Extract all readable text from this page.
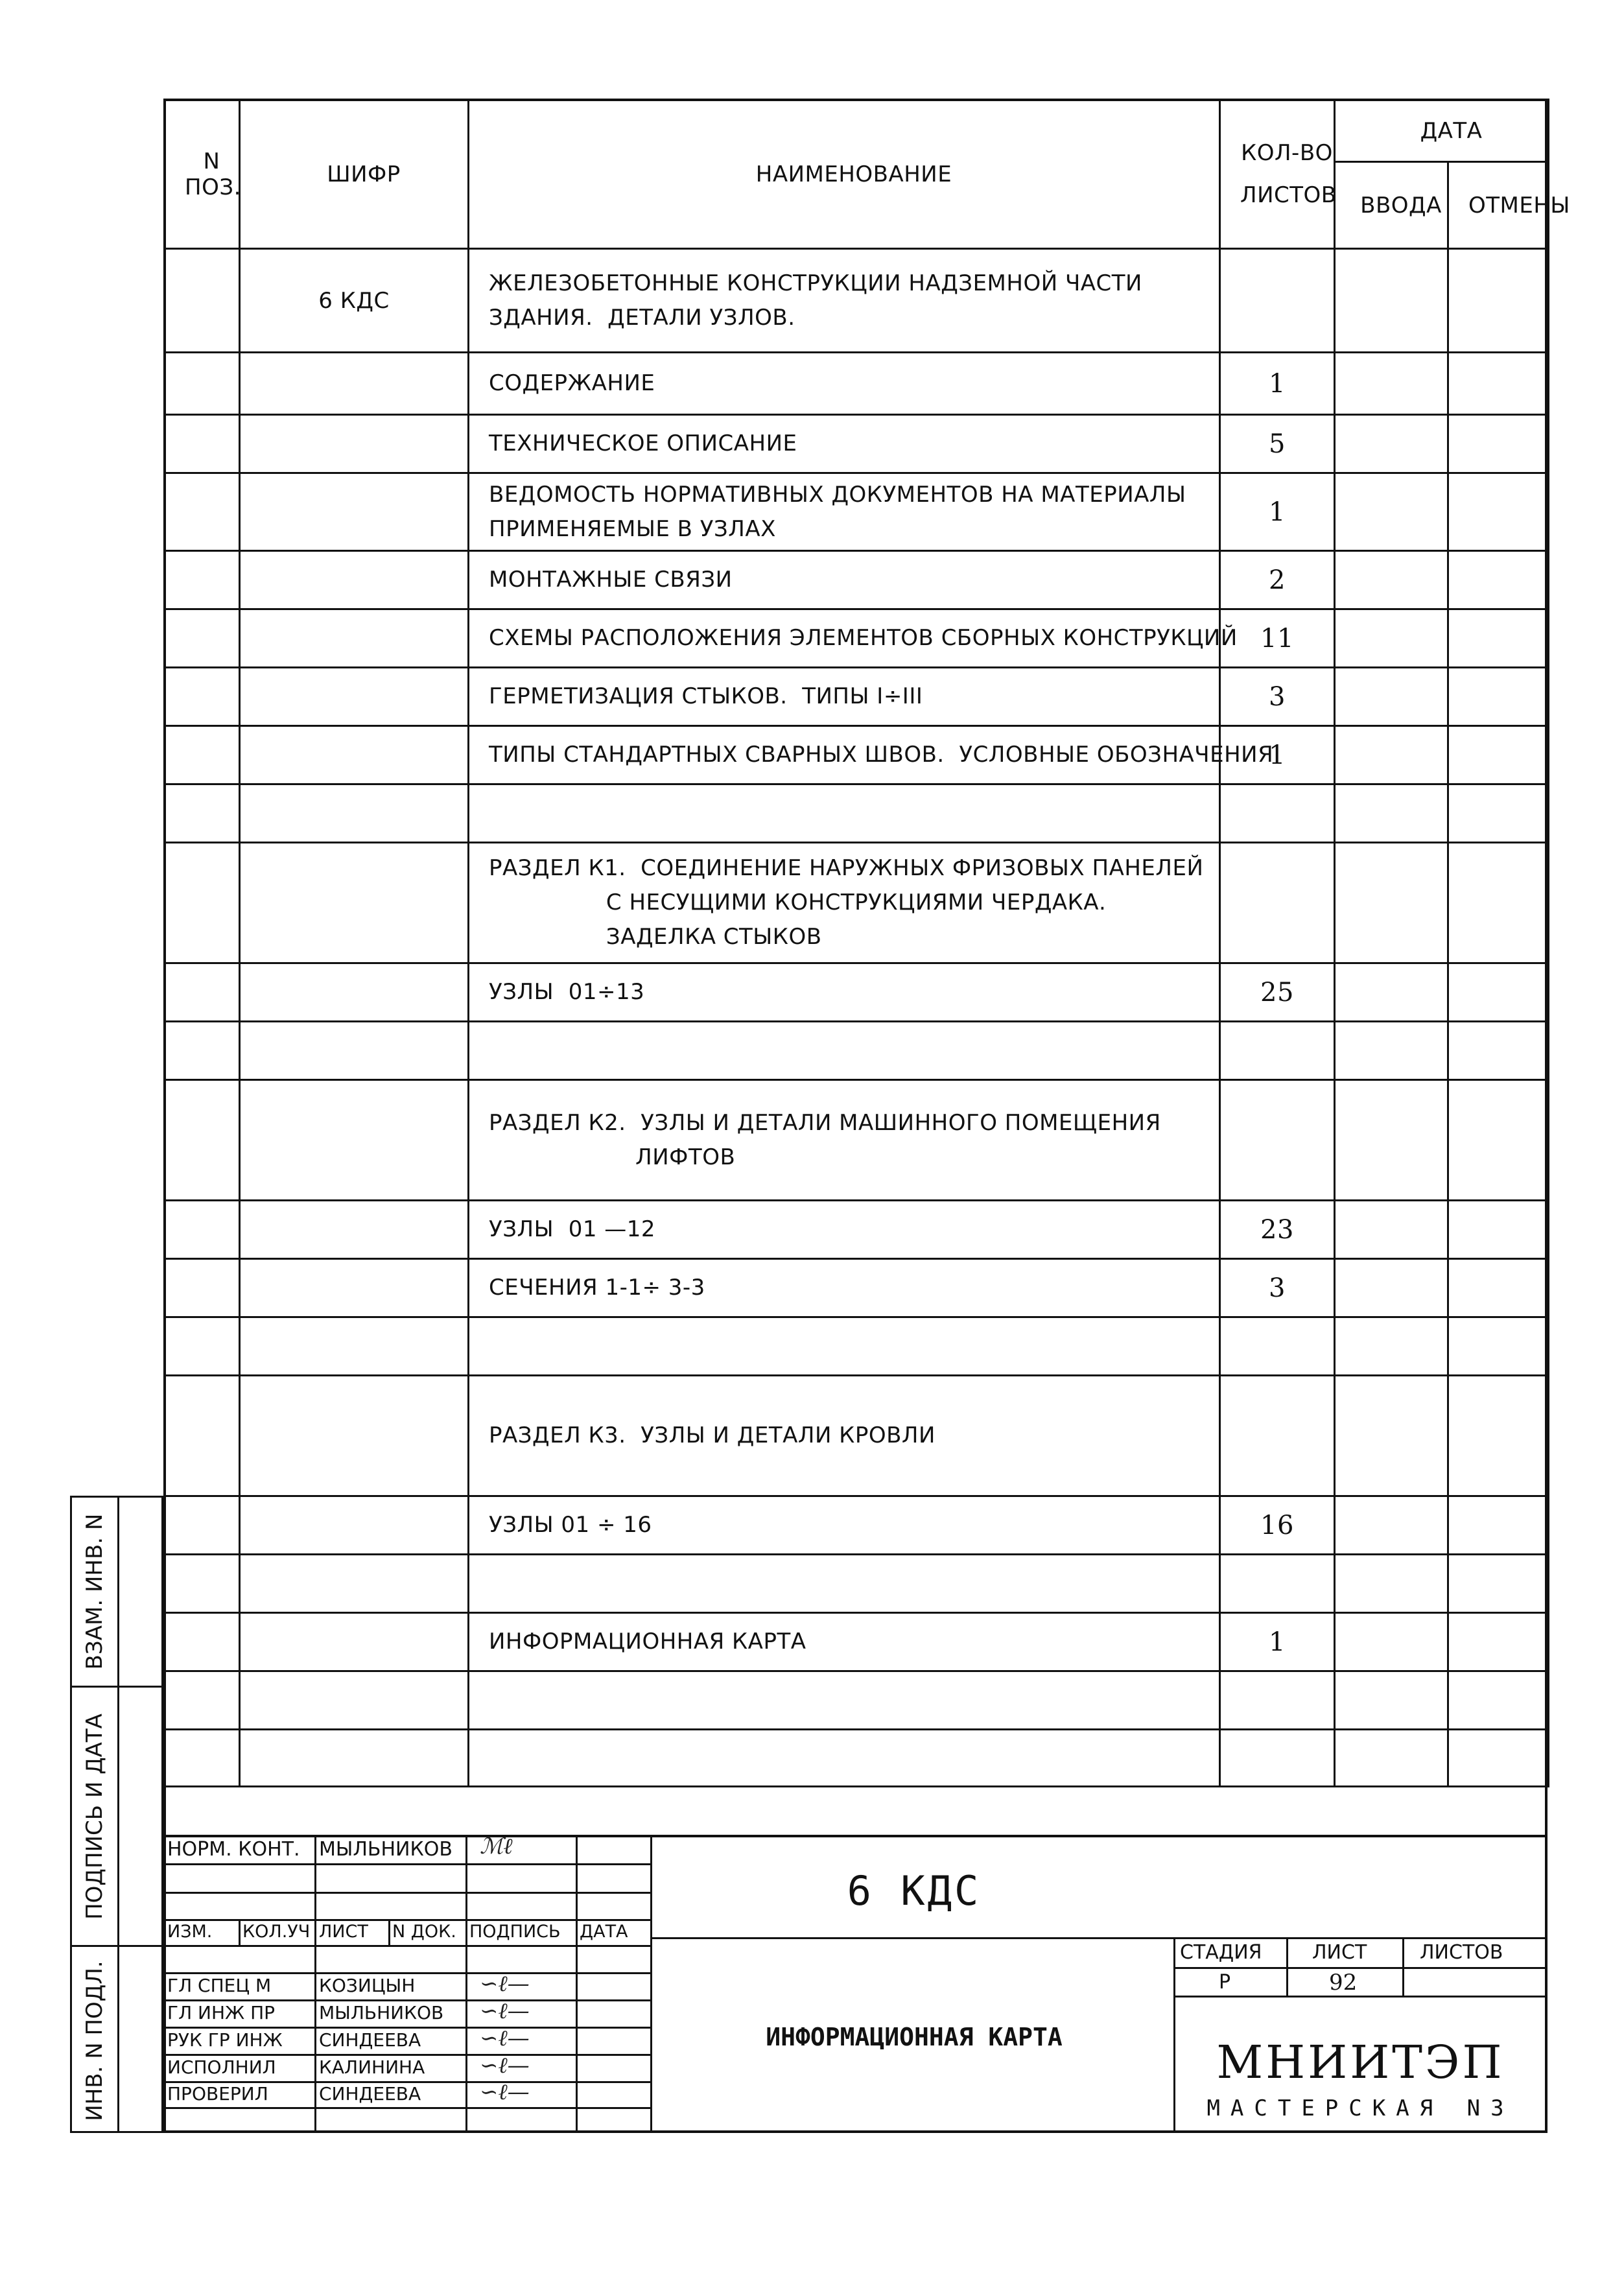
N
ПОЗ.	ШИФР	НАИМЕНОВАНИЕ	КОЛ-ВО
ЛИСТОВ	ДАТА	
				ВВОДА	ОТМЕНЫ
	6 КДС	ЖЕЛЕЗОБЕТОННЫЕ КОНСТРУКЦИИ НАДЗЕМНОЙ ЧАСТИ
ЗДАНИЯ.  ДЕТАЛИ УЗЛОВ.			

		СОДЕРЖАНИЕ	1		

		ТЕХНИЧЕСКОЕ ОПИСАНИЕ	5		

		ВЕДОМОСТЬ НОРМАТИВНЫХ ДОКУМЕНТОВ НА МАТЕРИАЛЫ
ПРИМЕНЯЕМЫЕ В УЗЛАХ	1		

		МОНТАЖНЫЕ СВЯЗИ	2		

		СХЕМЫ РАСПОЛОЖЕНИЯ ЭЛЕМЕНТОВ СБОРНЫХ КОНСТРУКЦИЙ	11		

		ГЕРМЕТИЗАЦИЯ СТЫКОВ.  ТИПЫ I÷III	3		

		ТИПЫ СТАНДАРТНЫХ СВАРНЫХ ШВОВ.  УСЛОВНЫЕ ОБОЗНАЧЕНИЯ	1		

		РАЗДЕЛ К1.  СОЕДИНЕНИЕ НАРУЖНЫХ ФРИЗОВЫХ ПАНЕЛЕЙ
С НЕСУЩИМИ КОНСТРУКЦИЯМИ ЧЕРДАКА.
ЗАДЕЛКА СТЫКОВ			

		УЗЛЫ  01÷13	25		

		РАЗДЕЛ К2.  УЗЛЫ И ДЕТАЛИ МАШИННОГО ПОМЕЩЕНИЯ
ЛИФТОВ			

		УЗЛЫ  01 —12	23		

		СЕЧЕНИЯ 1-1÷ 3-3	3		

		РАЗДЕЛ К3.  УЗЛЫ И ДЕТАЛИ КРОВЛИ			

		УЗЛЫ 01 ÷ 16	16		

		ИНФОРМАЦИОННАЯ КАРТА	1		

ВЗАМ. ИНВ. N
ПОДПИСЬ И ДАТА
ИНВ. N ПОДЛ.
НОРМ. КОНТ. МЫЛЬНИКОВ ℳℓ
ИЗМ. КОЛ.УЧ ЛИСТ N ДОК. ПОДПИСЬ ДАТА
ГЛ СПЕЦ М	КОЗИЦЫН	∽ℓ—
ГЛ ИНЖ ПР МЫЛЬНИКОВ ∽ℓ—
РУК ГР ИНЖ СИНДЕЕВА	∽ℓ—
ИСПОЛНИЛ КАЛИНИНА ∽ℓ—
ПРОВЕРИЛ	СИНДЕЕВА	∽ℓ—
6 КДС
ИНФОРМАЦИОННАЯ КАРТА
СТАДИЯ	ЛИСТ	ЛИСТОВ
Р	92
МНИИТЭП
МАСТЕРСКАЯ N3
